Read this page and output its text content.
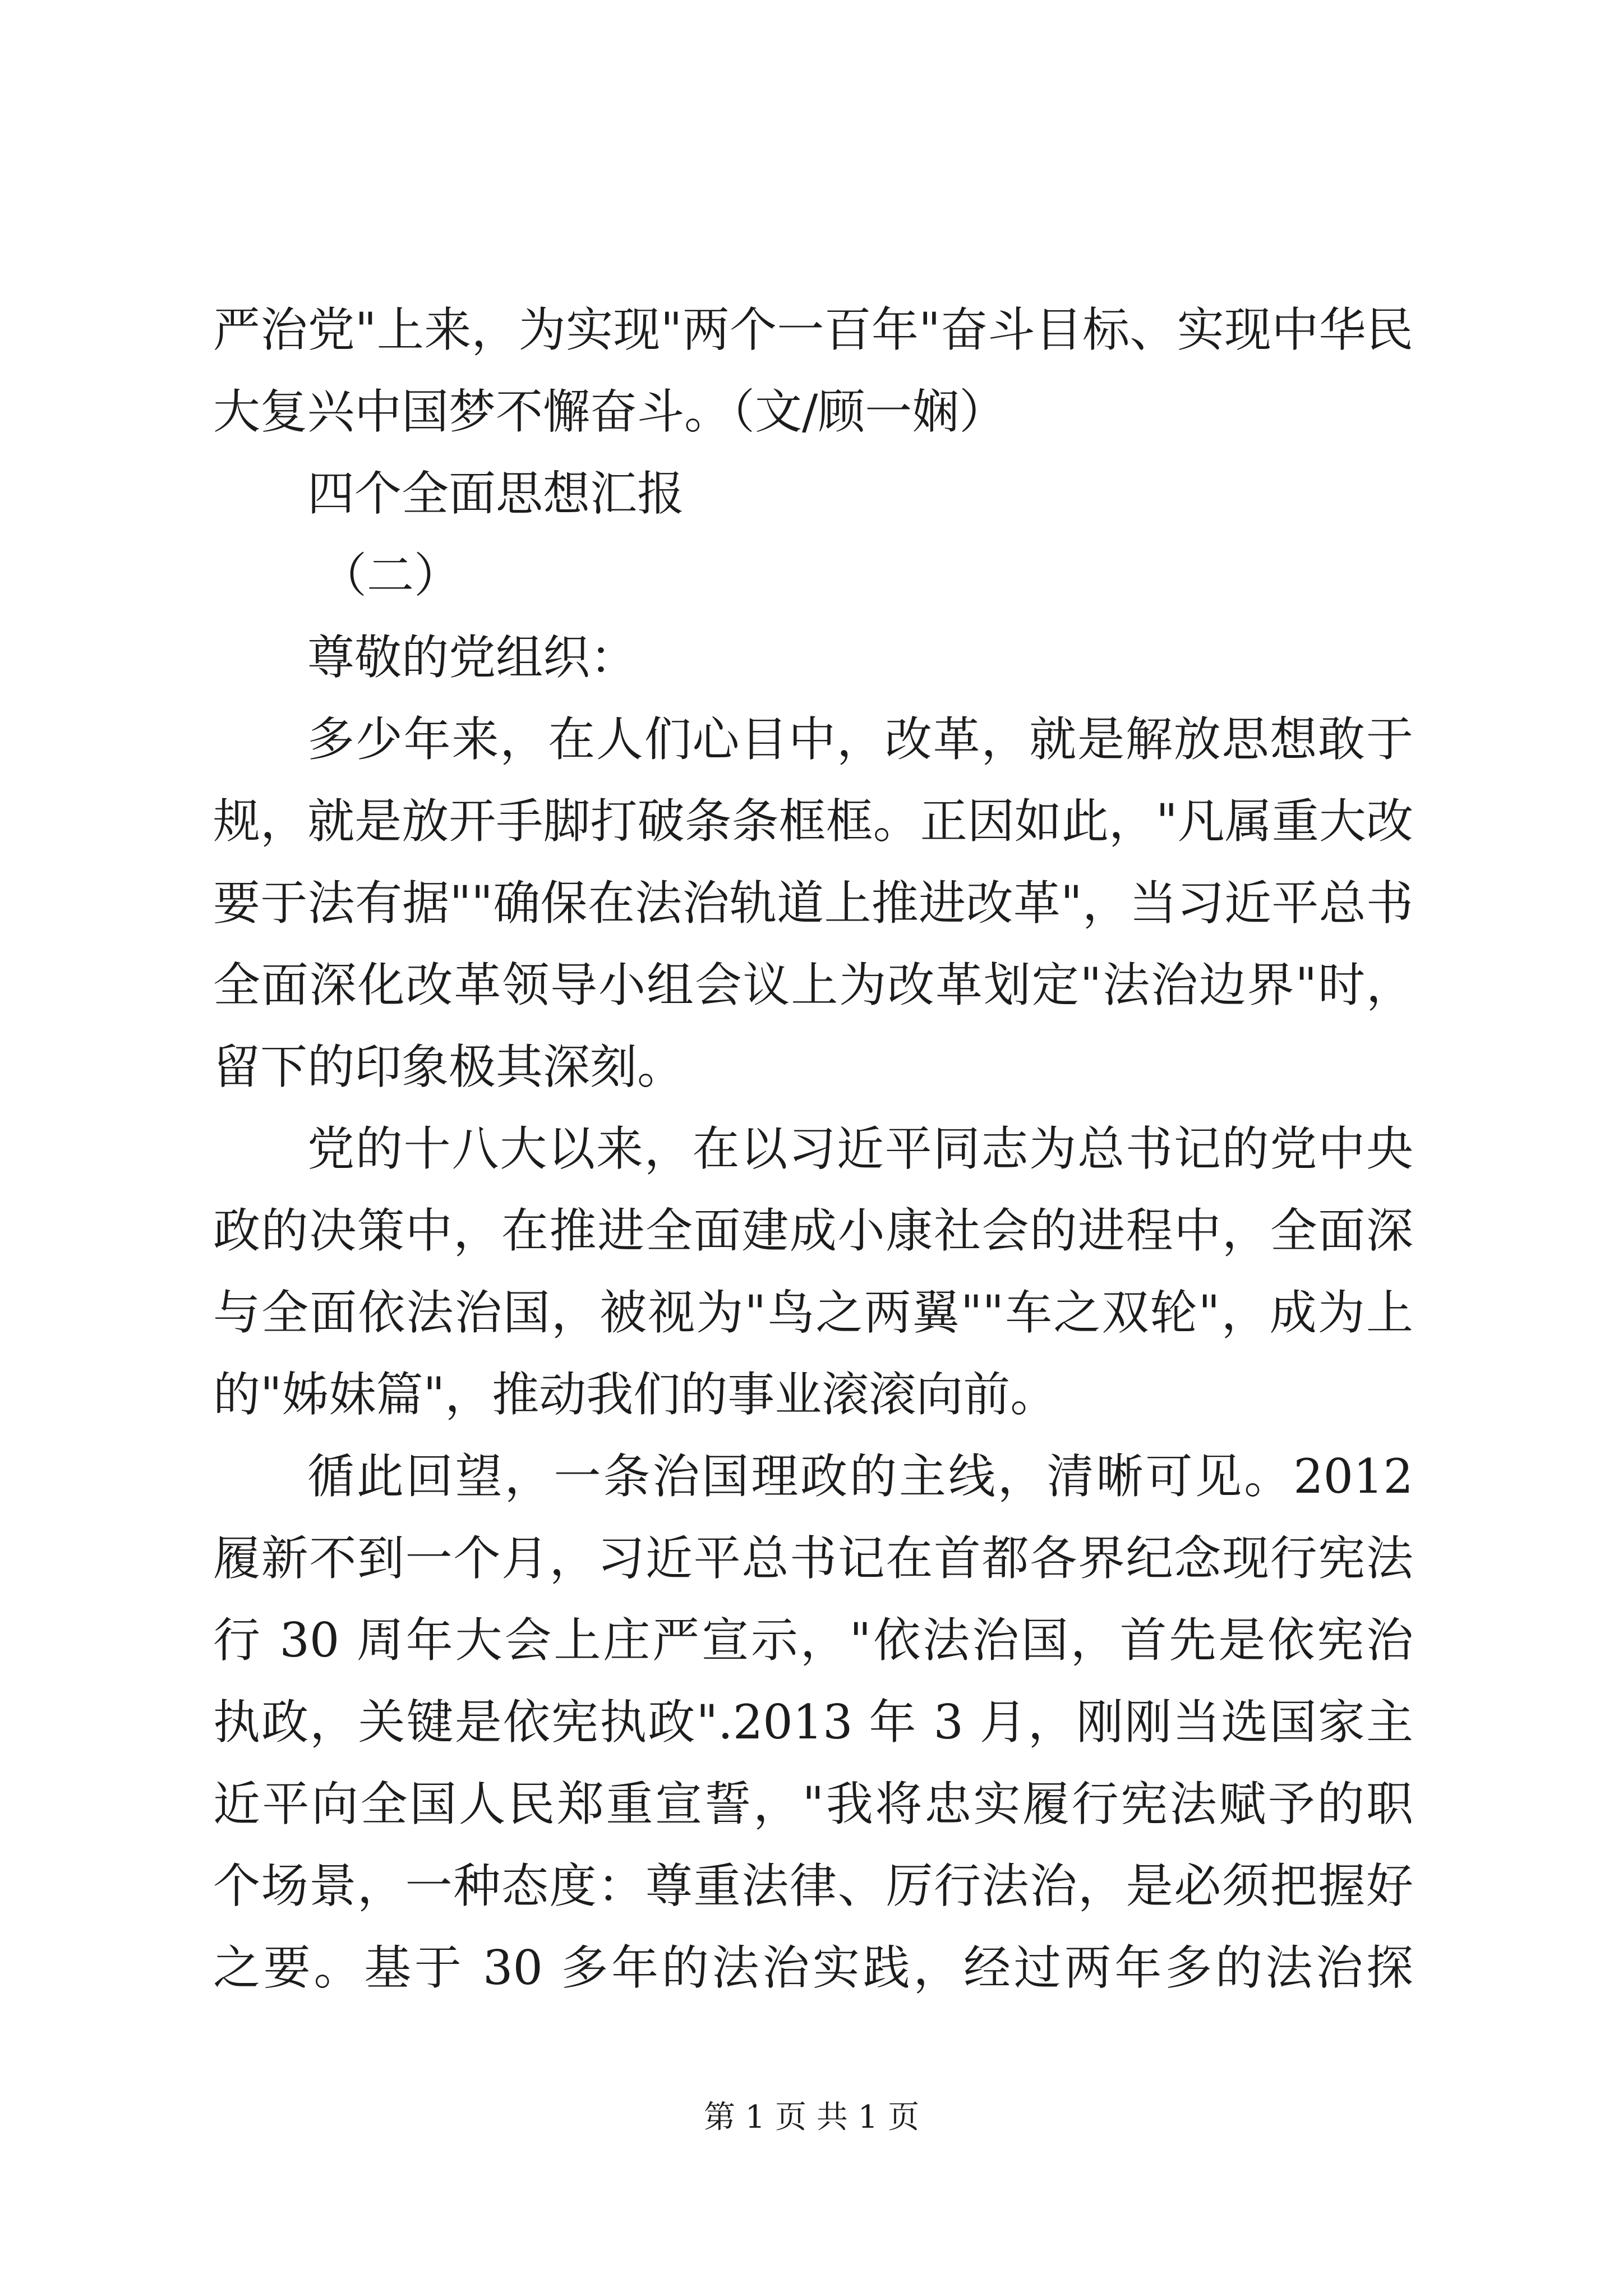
严治党"上来，为实现"两个一百年"奋斗目标、实现中华民
大复兴中国梦不懈奋斗。（文/顾一娴）
四个全面思想汇报
（二）
尊敬的党组织：
多少年来，在人们心目中，改革，就是解放思想敢于
规，就是放开手脚打破条条框框。正因如此，"凡属重大改
要于法有据""确保在法治轨道上推进改革"，当习近平总书
全面深化改革领导小组会议上为改革划定"法治边界"时，
留下的印象极其深刻。
党的十八大以来，在以习近平同志为总书记的党中央
政的决策中，在推进全面建成小康社会的进程中，全面深
与全面依法治国，被视为"鸟之两翼""车之双轮"，成为上
的"姊妹篇"，推动我们的事业滚滚向前。
循此回望，一条治国理政的主线，清晰可见。2012
履新不到一个月，习近平总书记在首都各界纪念现行宪法
行 30 周年大会上庄严宣示，"依法治国，首先是依宪治
执政，关键是依宪执政".2013 年 3 月，刚刚当选国家主
近平向全国人民郑重宣誓，"我将忠实履行宪法赋予的职
个场景，一种态度：尊重法律、厉行法治，是必须把握好
之要。基于 30 多年的法治实践，经过两年多的法治探
第 1 页 共 1 页
